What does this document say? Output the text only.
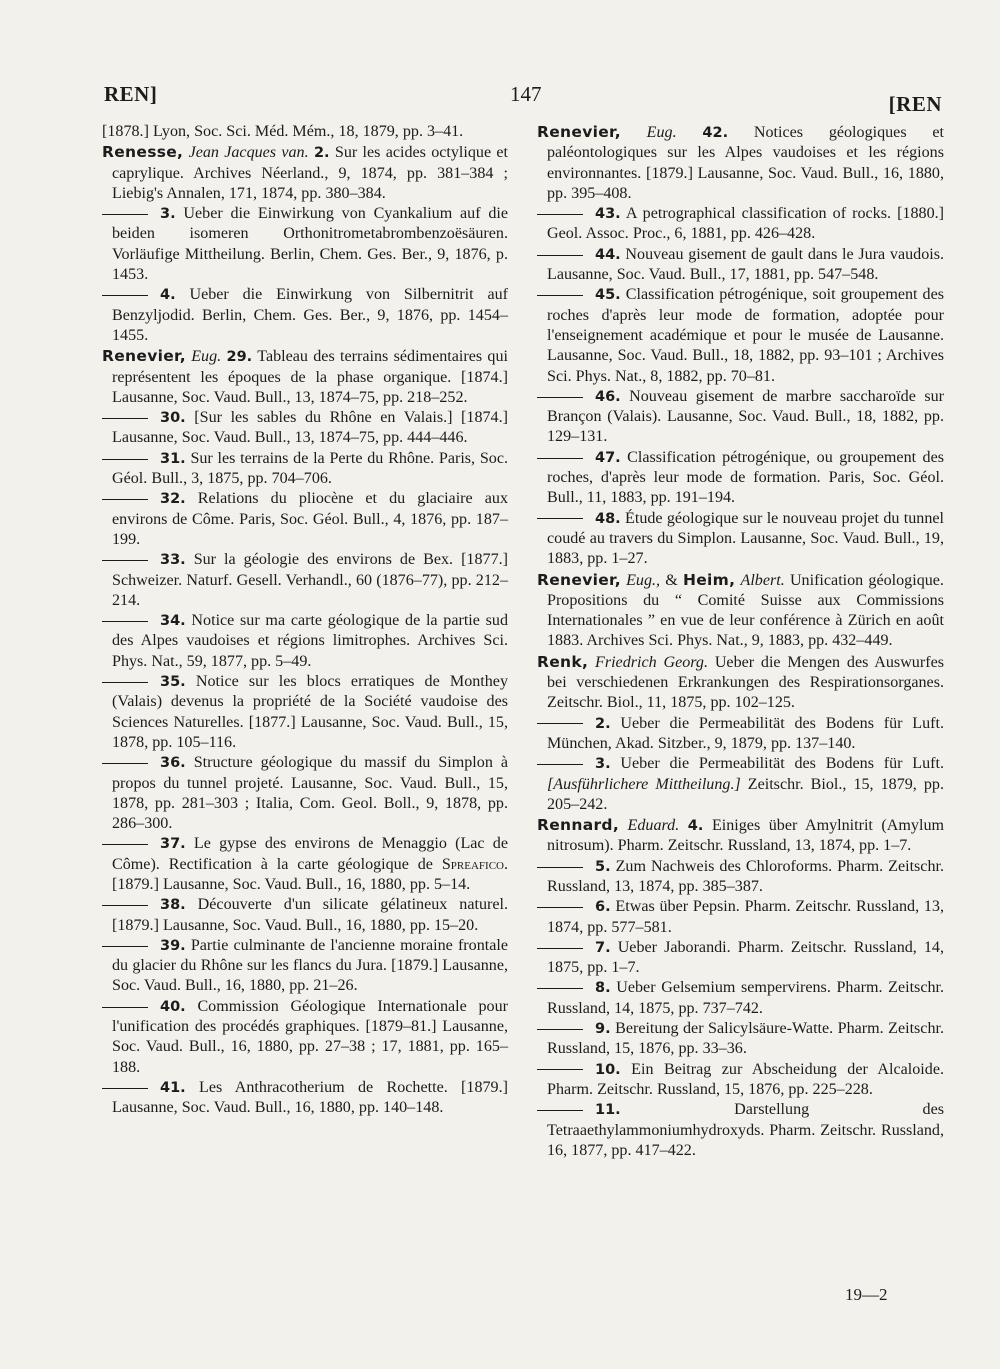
REN]	147	[REN

[1878.] Lyon, Soc. Sci. Méd. Mém., 18, 1879, pp. 3–41.

Renesse, Jean Jacques van. 2. Sur les acides octylique et caprylique. Archives Néerland., 9, 1874, pp. 381–384 ; Liebig's Annalen, 171, 1874, pp. 380–384.

3. Ueber die Einwirkung von Cyankalium auf die beiden isomeren Orthonitrometabrombenzoësäuren. Vorläufige Mittheilung. Berlin, Chem. Ges. Ber., 9, 1876, p. 1453.

4. Ueber die Einwirkung von Silbernitrit auf Benzyljodid. Berlin, Chem. Ges. Ber., 9, 1876, pp. 1454–1455.

Renevier, Eug. 29. Tableau des terrains sédimentaires qui représentent les époques de la phase organique. [1874.] Lausanne, Soc. Vaud. Bull., 13, 1874–75, pp. 218–252.

30. [Sur les sables du Rhône en Valais.] [1874.] Lausanne, Soc. Vaud. Bull., 13, 1874–75, pp. 444–446.

31. Sur les terrains de la Perte du Rhône. Paris, Soc. Géol. Bull., 3, 1875, pp. 704–706.

32. Relations du pliocène et du glaciaire aux environs de Côme. Paris, Soc. Géol. Bull., 4, 1876, pp. 187–199.

33. Sur la géologie des environs de Bex. [1877.] Schweizer. Naturf. Gesell. Verhandl., 60 (1876–77), pp. 212–214.

34. Notice sur ma carte géologique de la partie sud des Alpes vaudoises et régions limitrophes. Archives Sci. Phys. Nat., 59, 1877, pp. 5–49.

35. Notice sur les blocs erratiques de Monthey (Valais) devenus la propriété de la Société vaudoise des Sciences Naturelles. [1877.] Lausanne, Soc. Vaud. Bull., 15, 1878, pp. 105–116.

36. Structure géologique du massif du Simplon à propos du tunnel projeté. Lausanne, Soc. Vaud. Bull., 15, 1878, pp. 281–303 ; Italia, Com. Geol. Boll., 9, 1878, pp. 286–300.

37. Le gypse des environs de Menaggio (Lac de Côme). Rectification à la carte géologique de Spreafico. [1879.] Lausanne, Soc. Vaud. Bull., 16, 1880, pp. 5–14.

38. Découverte d'un silicate gélatineux naturel. [1879.] Lausanne, Soc. Vaud. Bull., 16, 1880, pp. 15–20.

39. Partie culminante de l'ancienne moraine frontale du glacier du Rhône sur les flancs du Jura. [1879.] Lausanne, Soc. Vaud. Bull., 16, 1880, pp. 21–26.

40. Commission Géologique Internationale pour l'unification des procédés graphiques. [1879–81.] Lausanne, Soc. Vaud. Bull., 16, 1880, pp. 27–38 ; 17, 1881, pp. 165–188.

41. Les Anthracotherium de Rochette. [1879.] Lausanne, Soc. Vaud. Bull., 16, 1880, pp. 140–148.

Renevier, Eug. 42. Notices géologiques et paléontologiques sur les Alpes vaudoises et les régions environnantes. [1879.] Lausanne, Soc. Vaud. Bull., 16, 1880, pp. 395–408.

43. A petrographical classification of rocks. [1880.] Geol. Assoc. Proc., 6, 1881, pp. 426–428.

44. Nouveau gisement de gault dans le Jura vaudois. Lausanne, Soc. Vaud. Bull., 17, 1881, pp. 547–548.

45. Classification pétrogénique, soit groupement des roches d'après leur mode de formation, adoptée pour l'enseignement académique et pour le musée de Lausanne. Lausanne, Soc. Vaud. Bull., 18, 1882, pp. 93–101 ; Archives Sci. Phys. Nat., 8, 1882, pp. 70–81.

46. Nouveau gisement de marbre saccharoïde sur Brançon (Valais). Lausanne, Soc. Vaud. Bull., 18, 1882, pp. 129–131.

47. Classification pétrogénique, ou groupement des roches, d'après leur mode de formation. Paris, Soc. Géol. Bull., 11, 1883, pp. 191–194.

48. Étude géologique sur le nouveau projet du tunnel coudé au travers du Simplon. Lausanne, Soc. Vaud. Bull., 19, 1883, pp. 1–27.

Renevier, Eug., & Heim, Albert. Unification géologique. Propositions du “ Comité Suisse aux Commissions Internationales ” en vue de leur conférence à Zürich en août 1883. Archives Sci. Phys. Nat., 9, 1883, pp. 432–449.

Renk, Friedrich Georg. Ueber die Mengen des Auswurfes bei verschiedenen Erkrankungen des Respirationsorganes. Zeitschr. Biol., 11, 1875, pp. 102–125.

2. Ueber die Permeabilität des Bodens für Luft. München, Akad. Sitzber., 9, 1879, pp. 137–140.

3. Ueber die Permeabilität des Bodens für Luft. [Ausführlichere Mittheilung.] Zeitschr. Biol., 15, 1879, pp. 205–242.

Rennard, Eduard. 4. Einiges über Amylnitrit (Amylum nitrosum). Pharm. Zeitschr. Russland, 13, 1874, pp. 1–7.

5. Zum Nachweis des Chloroforms. Pharm. Zeitschr. Russland, 13, 1874, pp. 385–387.

6. Etwas über Pepsin. Pharm. Zeitschr. Russland, 13, 1874, pp. 577–581.

7. Ueber Jaborandi. Pharm. Zeitschr. Russland, 14, 1875, pp. 1–7.

8. Ueber Gelsemium sempervirens. Pharm. Zeitschr. Russland, 14, 1875, pp. 737–742.

9. Bereitung der Salicylsäure-Watte. Pharm. Zeitschr. Russland, 15, 1876, pp. 33–36.

10. Ein Beitrag zur Abscheidung der Alcaloide. Pharm. Zeitschr. Russland, 15, 1876, pp. 225–228.

11.	Darstellung des Tetraaethylammoniumhydroxyds. Pharm. Zeitschr. Russland, 16, 1877, pp. 417–422.

19—2
